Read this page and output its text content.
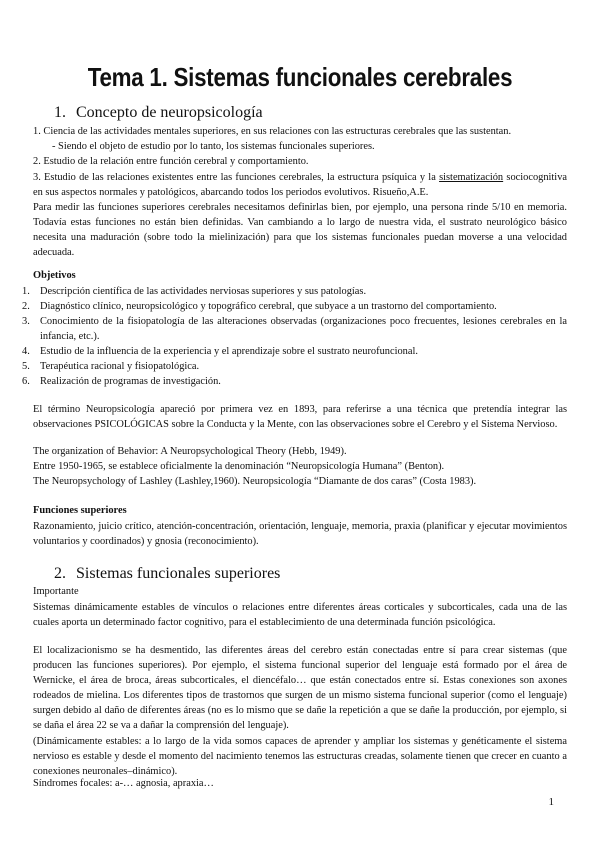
Tema 1. Sistemas funcionales cerebrales
1. Concepto de neuropsicología
1. Ciencia de las actividades mentales superiores, en sus relaciones con las estructuras cerebrales que las sustentan.
- Siendo el objeto de estudio por lo tanto, los sistemas funcionales superiores.
2. Estudio de la relación entre función cerebral y comportamiento.
3. Estudio de las relaciones existentes entre las funciones cerebrales, la estructura psíquica y la sistematización sociocognitiva en sus aspectos normales y patológicos, abarcando todos los periodos evolutivos. Risueño,A.E.
Para medir las funciones superiores cerebrales necesitamos definirlas bien, por ejemplo, una persona rinde 5/10 en memoria. Todavía estas funciones no están bien definidas. Van cambiando a lo largo de nuestra vida, el sustrato neurológico básico necesita una maduración (sobre todo la mielinización) para que los sistemas funcionales puedan moverse a una velocidad adecuada.
Objetivos
1. Descripción científica de las actividades nerviosas superiores y sus patologías.
2. Diagnóstico clínico, neuropsicológico y topográfico cerebral, que subyace a un trastorno del comportamiento.
3. Conocimiento de la fisiopatología de las alteraciones observadas (organizaciones poco frecuentes, lesiones cerebrales en la infancia, etc.).
4. Estudio de la influencia de la experiencia y el aprendizaje sobre el sustrato neurofuncional.
5. Terapéutica racional y fisiopatológica.
6. Realización de programas de investigación.
El término Neuropsicología apareció por primera vez en 1893, para referirse a una técnica que pretendía integrar las observaciones PSICOLÓGICAS sobre la Conducta y la Mente, con las observaciones sobre el Cerebro y el Sistema Nervioso.
The organization of Behavior: A Neuropsychological Theory (Hebb, 1949).
Entre 1950-1965, se establece oficialmente la denominación “Neuropsicología Humana” (Benton).
The Neuropsychology of Lashley (Lashley,1960). Neuropsicología “Diamante de dos caras” (Costa 1983).
Funciones superiores
Razonamiento, juicio crítico, atención-concentración, orientación, lenguaje, memoria, praxia (planificar y ejecutar movimientos voluntarios y coordinados) y gnosia (reconocimiento).
2. Sistemas funcionales superiores
Importante
Sistemas dinámicamente estables de vínculos o relaciones entre diferentes áreas corticales y subcorticales, cada una de las cuales aporta un determinado factor cognitivo, para el establecimiento de una determinada función psicológica.
El localizacionismo se ha desmentido, las diferentes áreas del cerebro están conectadas entre sí para crear sistemas (que producen las funciones superiores). Por ejemplo, el sistema funcional superior del lenguaje está formado por el área de Wernicke, el área de broca, áreas subcorticales, el diencéfalo… que están conectados entre sí. Estas conexiones son axones rodeados de mielina. Los diferentes tipos de trastornos que surgen de un mismo sistema funcional superior (como el lenguaje) surgen debido al daño de diferentes áreas (no es lo mismo que se dañe la repetición a que se dañe la producción, por ejemplo, si se daña el área 22 se va a dañar la comprensión del lenguaje).
(Dinámicamente estables: a lo largo de la vida somos capaces de aprender y ampliar los sistemas y genéticamente el sistema nervioso es estable y desde el momento del nacimiento tenemos las estructuras creadas, solamente tienen que crecer en cuanto a conexiones neuronales–dinámico).
Síndromes focales: a-… agnosia, apraxia…
1
